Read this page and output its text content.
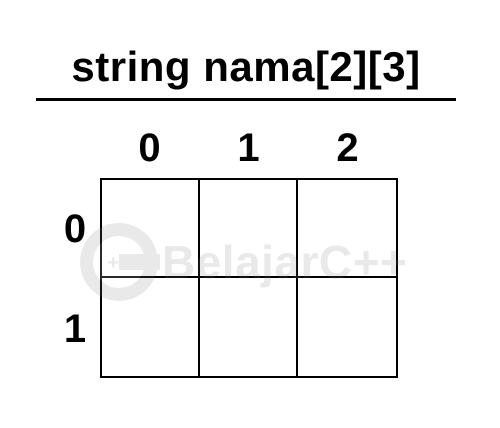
string nama[2][3]
0	1	2
0
1
++ BelajarC++
